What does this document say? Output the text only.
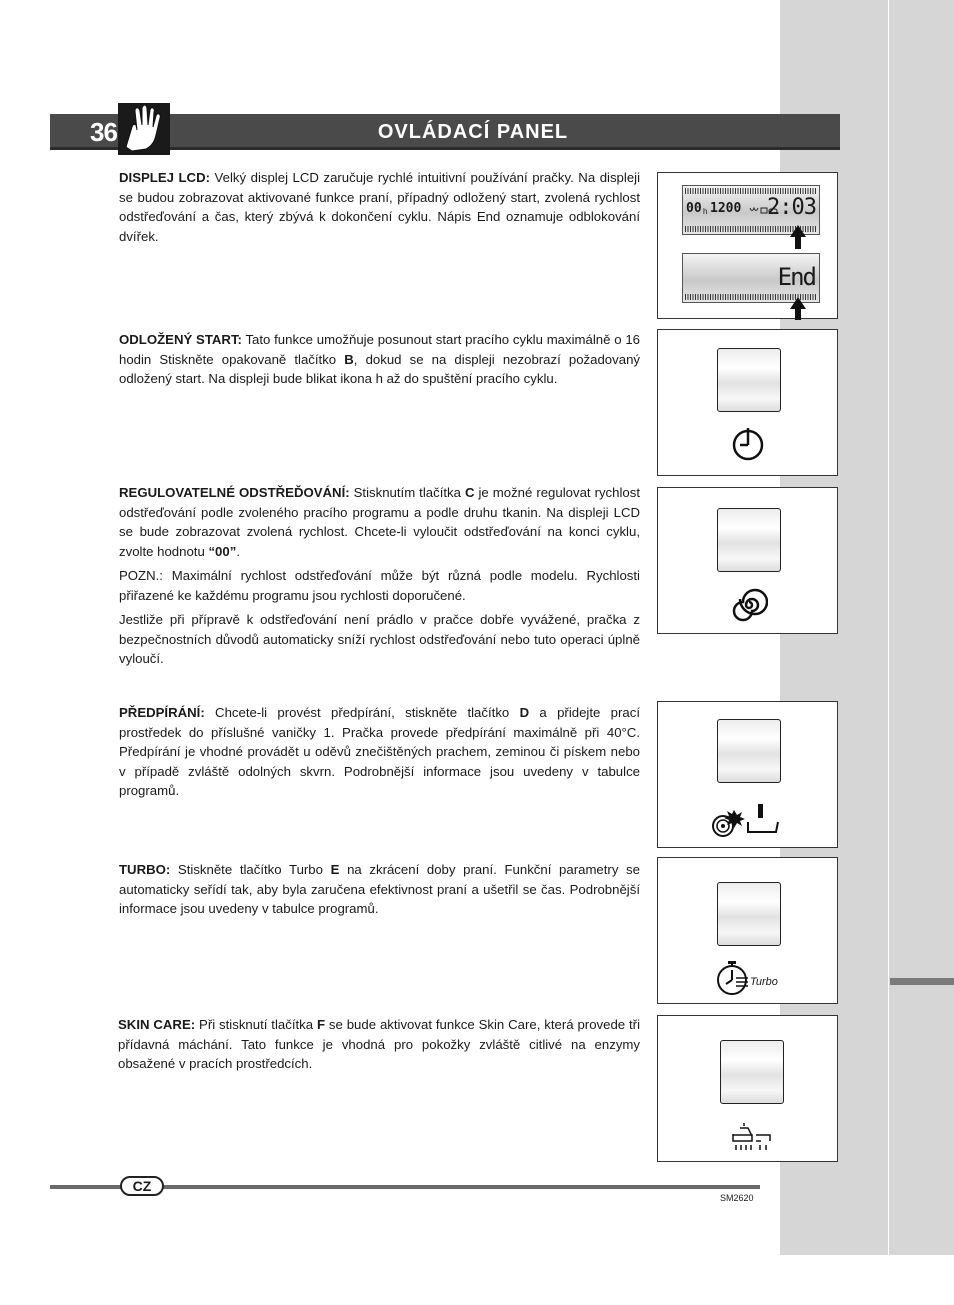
36	OVLÁDACÍ PANEL

DISPLEJ LCD: Velký displej LCD zaručuje rychlé intuitivní používání pračky. Na displeji se budou zobrazovat aktivované funkce praní, případný odložený start, zvolená rychlost odstřeďování a čas, který zbývá k dokončení cyklu. Nápis End oznamuje odblokování dvířek.

00 h 1200 2:03
End

ODLOŽENÝ START: Tato funkce umožňuje posunout start pracího cyklu maximálně o 16 hodin Stiskněte opakovaně tlačítko B, dokud se na displeji nezobrazí požadovaný odložený start. Na displeji bude blikat ikona h až do spuštění pracího cyklu.

REGULOVATELNÉ ODSTŘEĎOVÁNÍ: Stisknutím tlačítka C je možné regulovat rychlost odstřeďování podle zvoleného pracího programu a podle druhu tkanin. Na displeji LCD se bude zobrazovat zvolená rychlost. Chcete-li vyloučit odstřeďování na konci cyklu, zvolte hodnotu “00”.

POZN.: Maximální rychlost odstřeďování může být různá podle modelu. Rychlosti přiřazené ke každému programu jsou rychlosti doporučené.

Jestliže při přípravě k odstřeďování není prádlo v pračce dobře vyvážené, pračka z bezpečnostních důvodů automaticky sníží rychlost odstřeďování nebo tuto operaci úplně vyloučí.

PŘEDPÍRÁNÍ: Chcete-li provést předpírání, stiskněte tlačítko D a přidejte prací prostředek do příslušné vaničky 1. Pračka provede předpírání maximálně při 40°C. Předpírání je vhodné provádět u oděvů znečištěných prachem, zeminou či pískem nebo v případě zvláště odolných skvrn. Podrobnější informace jsou uvedeny v tabulce programů.

TURBO: Stiskněte tlačítko Turbo E na zkrácení doby praní. Funkční parametry se automaticky seřídí tak, aby byla zaručena efektivnost praní a ušetřil se čas. Podrobnější informace jsou uvedeny v tabulce programů.

Turbo

SKIN CARE: Při stisknutí tlačítka F se bude aktivovat funkce Skin Care, která provede tři přídavná máchání. Tato funkce je vhodná pro pokožky zvláště citlivé na enzymy obsažené v pracích prostředcích.

CZ
SM2620
